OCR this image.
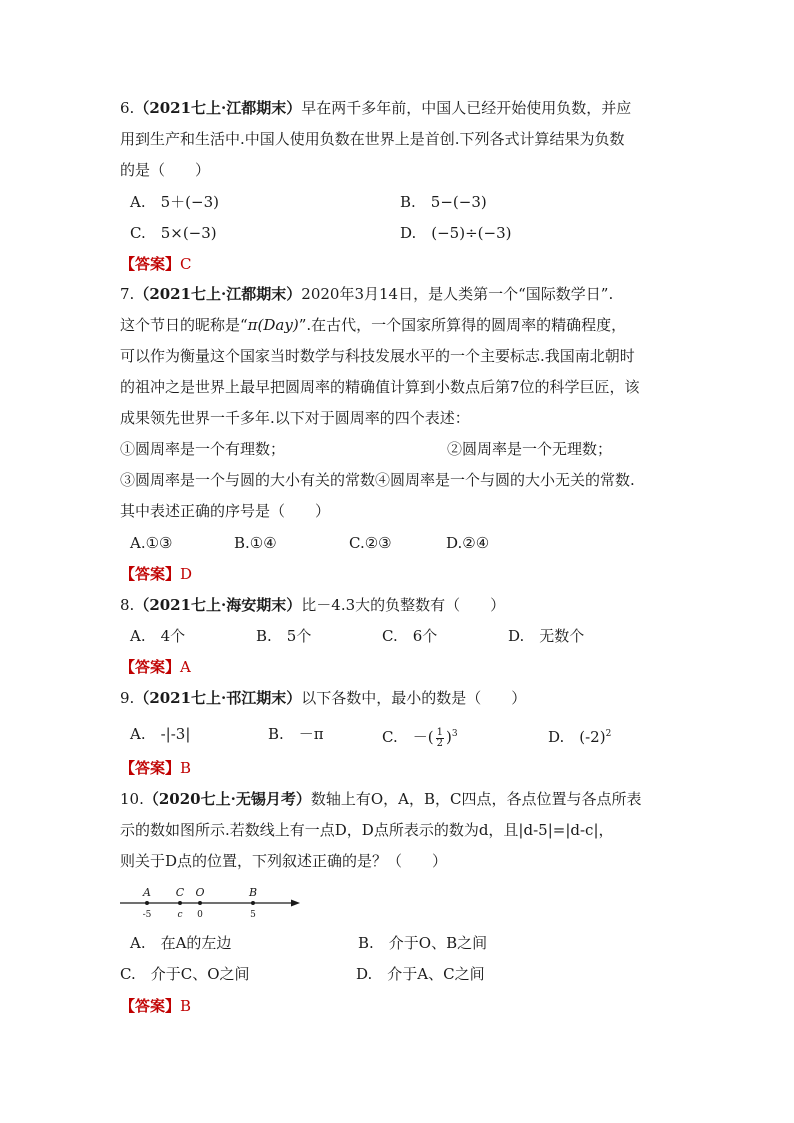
6.（2021七上·江都期末）早在两千多年前，中国人已经开始使用负数，并应
用到生产和生活中.中国人使用负数在世界上是首创.下列各式计算结果为负数
的是（　　）
A.　5＋(−3)	B.　5−(−3)
C.　5×(−3)	D.　(−5)÷(−3)
【答案】C
7.（2021七上·江都期末）2020年3月14日，是人类第一个“国际数学日”.
这个节日的昵称是“π(Day)”.在古代，一个国家所算得的圆周率的精确程度，
可以作为衡量这个国家当时数学与科技发展水平的一个主要标志.我国南北朝时
的祖冲之是世界上最早把圆周率的精确值计算到小数点后第7位的科学巨匠，该
成果领先世界一千多年.以下对于圆周率的四个表述：
①圆周率是一个有理数；	②圆周率是一个无理数；
③圆周率是一个与圆的大小有关的常数④圆周率是一个与圆的大小无关的常数.
其中表述正确的序号是（　　）
A.①③	B.①④	C.②③	D.②④
【答案】D
8.（2021七上·海安期末）比－4.3大的负整数有（　　）
A.　4个	B.　5个	C.　6个	D.　无数个
【答案】A
9.（2021七上·邗江期末）以下各数中，最小的数是（　　）
A.　-|-3|	B.　－π	C.　－( $\frac{1}{2} )^3$	D.　$(-2)^2$
【答案】B
10.（2020七上·无锡月考）数轴上有O，A，B，C四点，各点位置与各点所表
示的数如图所示.若数线上有一点D，D点所表示的数为d，且|d-5|=|d-c|，
则关于D点的位置，下列叙述正确的是？（　　）
A
-5
C
c
O
0
B
5
A.　在A的左边	B.　介于O、B之间
C.　介于C、O之间	D.　介于A、C之间
【答案】B
